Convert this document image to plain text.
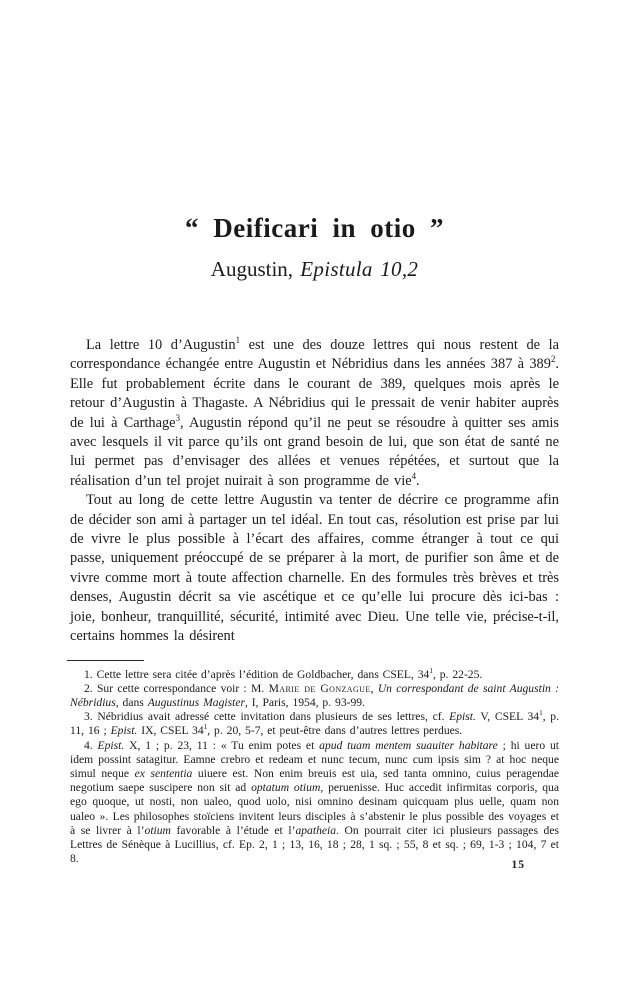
“ Deificari in otio ”
Augustin, Epistula 10,2

La lettre 10 d’Augustin$^1$ est une des douze lettres qui nous restent de la correspondance échangée entre Augustin et Nébridius dans les années 387 à $389^2$. Elle fut probablement écrite dans le courant de 389, quelques mois après le retour d’Augustin à Thagaste. A Nébridius qui le pressait de venir habiter auprès de lui à Carthage$^3$, Augustin répond qu’il ne peut se résoudre à quitter ses amis avec lesquels il vit parce qu’ils ont grand besoin de lui, que son état de santé ne lui permet pas d’envisager des allées et venues répétées, et surtout que la réalisation d’un tel projet nuirait à son programme de vie$^4$.

Tout au long de cette lettre Augustin va tenter de décrire ce programme afin de décider son ami à partager un tel idéal. En tout cas, résolution est prise par lui de vivre le plus possible à l’écart des affaires, comme étranger à tout ce qui passe, uniquement préoccupé de se préparer à la mort, de purifier son âme et de vivre comme mort à toute affection charnelle. En des formules très brèves et très denses, Augustin décrit sa vie ascétique et ce qu’elle lui procure dès ici-bas : joie, bonheur, tranquillité, sécurité, intimité avec Dieu. Une telle vie, précise-t-il, certains hommes la désirent

1. Cette lettre sera citée d’après l’édition de Goldbacher, dans CSEL, $34^1$, p. 22-25.

2. Sur cette correspondance voir : M. Marie de Gonzague, Un correspondant de saint Augustin : Nébridius, dans Augustinus Magister, I, Paris, 1954, p. 93-99.

3. Nébridius avait adressé cette invitation dans plusieurs de ses lettres, cf. Epist. V, CSEL $34^1$, p. 11, 16 ; Epist. IX, CSEL $34^1$, p. 20, 5-7, et peut-être dans d’autres lettres perdues.

4. Epist. X, 1 ; p. 23, 11 : « Tu enim potes et apud tuam mentem suauiter habitare ; hi uero ut idem possint satagitur. Eamne crebro et redeam et nunc tecum, nunc cum ipsis sim ? at hoc neque simul neque ex sententia uiuere est. Non enim breuis est uia, sed tanta omnino, cuius peragendae negotium saepe suscipere non sit ad optatum otium, peruenisse. Huc accedit infirmitas corporis, qua ego quoque, ut nosti, non ualeo, quod uolo, nisi omnino desinam quicquam plus uelle, quam non ualeo ». Les philosophes stoïciens invitent leurs disciples à s’abstenir le plus possible des voyages et à se livrer à l’otium favorable à l’étude et l’apatheia. On pourrait citer ici plusieurs passages des Lettres de Sénèque à Lucillius, cf. Ep. 2, 1 ; 13, 16, 18 ; 28, 1 sq. ; 55, 8 et sq. ; 69, 1-3 ; 104, 7 et 8.	15
